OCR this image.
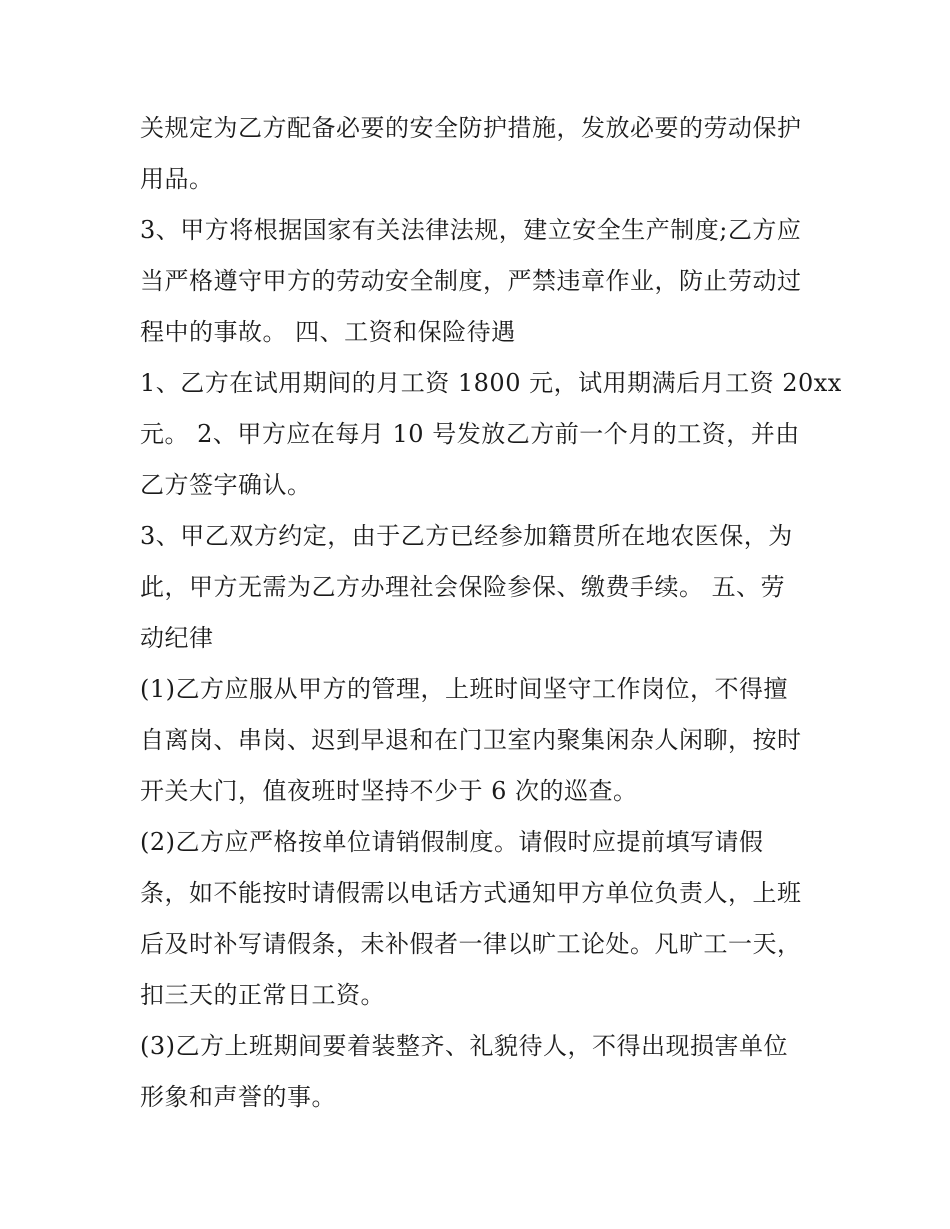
关规定为乙方配备必要的安全防护措施，发放必要的劳动保护
用品。
3、甲方将根据国家有关法律法规，建立安全生产制度;乙方应
当严格遵守甲方的劳动安全制度，严禁违章作业，防止劳动过
程中的事故。 四、工资和保险待遇
1、乙方在试用期间的月工资 1800 元，试用期满后月工资 20xx
元。 2、甲方应在每月 10 号发放乙方前一个月的工资，并由
乙方签字确认。
3、甲乙双方约定，由于乙方已经参加籍贯所在地农医保，为
此，甲方无需为乙方办理社会保险参保、缴费手续。 五、劳
动纪律
(1)乙方应服从甲方的管理，上班时间坚守工作岗位，不得擅
自离岗、串岗、迟到早退和在门卫室内聚集闲杂人闲聊，按时
开关大门，值夜班时坚持不少于 6 次的巡查。
(2)乙方应严格按单位请销假制度。请假时应提前填写请假
条，如不能按时请假需以电话方式通知甲方单位负责人，上班
后及时补写请假条，未补假者一律以旷工论处。凡旷工一天，
扣三天的正常日工资。
(3)乙方上班期间要着装整齐、礼貌待人，不得出现损害单位
形象和声誉的事。
